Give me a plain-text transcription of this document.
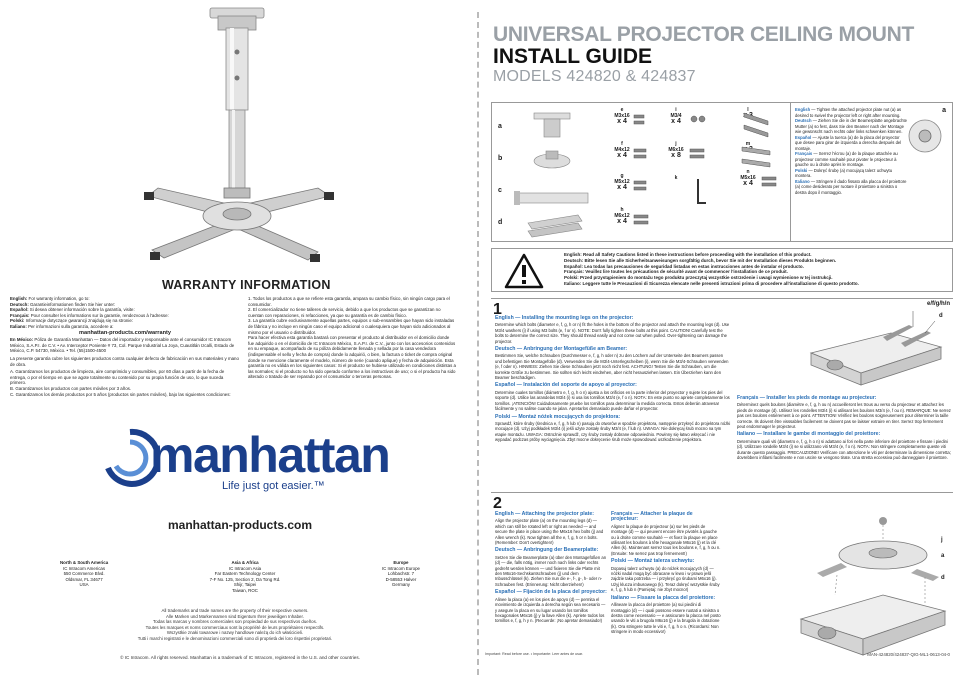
WARRANTY INFORMATION
English: For warranty information, go to:
Deutsch: Garantieinformationen finden Sie hier unter:
Español: Si desea obtener información sobre la garantía, visite:
Français: Pour consulter les informations sur la garantie, rendezvous à l'adresse:
Polski: Informacje dotyczące gwarancji znajdują się na stronie:
Italiano: Per informazioni sulla garanzia, accedere a:
manhattan-products.com/warranty
En México: Póliza de Garantía Manhattan — Datos del importador y responsable ante el consumidor IC Intracom México, S.A.P.I. de C.V. • Av. Interceptor Poniente # 73, Col. Parque Industrial La Joya, Cuautitlán Izcalli, Estado de México, C.P. 54730, México. • Tel. (55)1500-4500
La presente garantía cubre los siguientes productos contra cualquier defecto de fabricación en sus materiales y mano de obra.
A. Garantizamos los productos de limpieza, aire comprimido y consumibles, por 60 días a partir de la fecha de entrega, o por el tiempo en que se agote totalmente su contenido por su propia función de uso, lo que suceda primero.
B. Garantizamos los productos con partes móviles por 3 años.
C. Garantizamos los demás productos por 5 años (productos sin partes móviles), bajo las siguientes condiciones:
1. Todos los productos a que se refiere esta garantía, ampara su cambio físico, sin ningún cargo para el consumidor.
2. El comercializador no tiene talleres de servicio, debido a que los productos que se garantizan no cuentan con reparaciones, ni refacciones, ya que su garantía es de cambio físico.
3. La garantía cubre exclusivamente aquellas partes, equipos o sub-ensambles que hayan sido instaladas de fábrica y no incluye en ningún caso el equipo adicional o cualesquiera que hayan sido adicionados al mismo por el usuario o distribuidor.
Para hacer efectiva esta garantía bastará con presentar el producto al distribuidor en el domicilio donde fue adquirido o en el domicilio de IC Intracom México, S.A.P.I. de C.V., junto con los accesorios contenidos en su empaque, acompañado de su póliza debidamente llenada y sellada por la casa vendedora (indispensable el sello y fecha de compra) donde lo adquirió, o bien, la factura o ticket de compra original donde se mencione claramente el modelo, número de serie (cuando aplique) y fecha de adquisición. Esta garantía no es válida en los siguientes casos: Si el producto se hubiese utilizado en condiciones distintas a las normales; si el producto no ha sido operado conforme a los instructivos de uso; o si el producto ha sido alterado o tratado de ser reparado por el consumidor o terceras personas.
manhattan
Life just got easier.™
manhattan-products.com
North & South America
IC Intracom Americas
550 Commerce Blvd.
Oldsmar, FL 34677
USA
Asia & Africa
IC Intracom Asia
Far Eastern Technology Center
7-F No. 125, Section 2, Da Tong Rd.
Shijr, Taipei
Taiwan, ROC
Europe
IC Intracom Europe
Lohbachstr. 7
D-58553 Halver
Germany
All trademarks and trade names are the property of their respective owners.
Alle Marken und Markennamen sind Eigentum Ihrer jeweiligen Inhaber.
Todas las marcas y nombres comerciales son propiedad de sus respectivos dueños.
Toutes les marques et noms commerciaux sont la propriété de leurs propriétaires respectifs.
Wszystkie znaki towarowe i nazwy handlowe należą do ich właścicieli.
Tutti i marchi registrati e le denominazioni commerciali sono di proprietà dei loro rispettivi proprietari.
© IC Intracom. All rights reserved. Manhattan is a trademark of IC Intracom, registered in the U.S. and other countries.
UNIVERSAL PROJECTOR CEILING MOUNT
INSTALL GUIDE
MODELS 424820 & 424837
a
b
c
d
e
M3x16
x 4
f
M4x12
x 4
g
M5x12
x 4
h
M6x12
x 4
i
M3/4
x 4
j
M6x16
x 8
k
l
m
n
M5x16
x 4
English — Tighten the attached projector plate nut (a) as desired to swivel the projector left or right after mounting.
Deutsch — Ziehen Sie die in der Beamerplatte angebrachte Mutter (a) so fest, dass Sie den Beamer nach der Montage wie gewünscht nach rechts oder links schwenken können.
Español — Ajuste la tuerca (a) de la placa del proyector que desee para girar de izquierda a derecha después del montaje.
Français — Serrez l'écrou (a) de la plaque attachée au projecteur comme souhaité pour pivoter le projecteur à gauche ou à droite après le montage.
Polski — Dokręć śrubę (a) mocującą talerz uchwytu montera.
Italiano — Stringere il dado fissato alla placca del proiettore (a) come desiderato per ruotare il proiettore a sinistra o destra dopo il montaggio.
a
English: Read all Safety Cautions listed in these instructions before proceeding with the installation of this product.
Deutsch: Bitte lesen Sie alle Sicherheitsanweisungen sorgfältig durch, bevor Sie mit der Installation dieses Produkts beginnen.
Español: Lea todas las precauciones de seguridad listadas en estas instrucciones antes de instalar el producto.
Français: Veuillez lire toutes les précautions de sécurité avant de commencer l'installation de ce produit.
Polski: Przed przystąpieniem do montażu tego produktu przeczytaj wszystkie ostrzeżenie i uwagi wymienione w tej instrukcji.
Italiano: Leggere tutte le Precauzioni di Sicurezza elencate nelle presenti istruzioni prima di procedere all'installazione di questo prodotto.
1
English — Installing the mounting legs on the projector:
Determine which bolts (diameter e, f, g, h or n) fit the holes in the bottom of the projector and attach the mounting legs (d). Use M3/4 washers (i) if using M3 bolts (e, f or n). NOTE: Don't fully tighten these bolts at this point. CAUTION! Carefully test the bolts to determine the correct size. They should thread easily and not come out when pulled. Over-tightening can damage the projector.
Deutsch — Anbringung der Montagefüße am Beamer:
Bestimmen Sie, welche Schrauben (Durchmesser e, f, g, h oder n) zu den Löchern auf der Unterseite des Beamers passen und befestigen Sie Montagefüße (d). Verwenden Sie die M3/4-Unterlegscheiben (i), wenn Sie die M3/4-Schrauben verwenden (e, f oder n). HINWEIS: Ziehen Sie diese Schrauben jetzt noch nicht fest. ACHTUNG! Testen Sie die Schrauben, um die korrekte Größe zu bestimmen. Sie sollten sich leicht eindrehen, aber nicht herausziehen lassen. Ein Überziehen kann den Beamer beschädigen.
Español — Instalación del soporte de apoyo al proyector:
Determine cuales tornillos (diámetro e, f, g, h o n) ajusta a los orificios en la parte inferior del proyector y sujete los pies del soporte (d). Utilice las arandelas M3/4 (i) si usa los tornillos M3/4 (e, f o n). NOTA: En este punto no apriete completamente los tornillos. ¡ATENCIÓN! Cuidadosamente pruebe los tornillos para determinar la medida correcta. Estos deberán atravesar fácilmente y no salirse cuando se jalan. Apretarlos demasiado puede dañar el proyector.
Polski — Montaż nóżek mocujących do projektora:
Sprawdź, które śruby (średnica e, f, g, h lub n) pasują do otworów w spodzie projektora, następnie przykręć do projektora nóżki mocujące (d). Użyj podkładek M3/4 (i) jeśli użyte zostały śruby M3/4 (e, f lub n). UWAGA: Nie dokręcaj śrub mocno na tym etapie montażu. UWAGA: Ostrożnie sprawdź, czy śruby zostały dobrane odpowiednio. Powinny się łatwo wkręcać i nie wypadać podczas próby wyciągnięcia. Zbyt mocne dokręcenie śrub może spowodować uszkodzenie projektora.
Français — Installer les pieds de montage au projecteur:
Déterminez quels boulons (diamètre e, f, g, h ou n) accueilleront les trous au verso du projecteur et attachez les pieds de montage (d). Utilisez les rondelles M3/4 (i) si utilisant les boulons M3/4 (e, f ou n). REMARQUE: Ne serrez pas ces boulons entièrement à ce point. ATTENTION! Vérifiez les boulons soigneusement pour déterminer la taille correcte. Ils doivent être visssables facilement ne doivent pas se laisser extraire en tirer. Serrez trop fermement peut endommager le projecteur.
Italiano — Installare le gambe di montaggio del proiettore:
Determinare quali viti (diametro e, f, g, h o n) si adattano ai fori nella parte inferiore del proiettore e fissare i piedini (d). Utilizzare rondelle M3/4 (i) se si utilizzano viti M3/4 (e, f o n). NOTA: Non stringere completamente queste viti durante questo passaggio. PRECAUZIONE! Verificare con attenzione le viti per determinare la dimensione corretta; dovrebbero infilarsi facilmente e non uscire se vengono tirate. Una stretta eccessiva può danneggiare il proiettore.
e/f/g/h/n
d
2
English — Attaching the projector plate:
Align the projector plate (a) on the mounting legs (d) — which can still be rotated left or right as needed — and secure the plate in place using the M6x16 hex bolts (j) and Allen wrench (k). Now tighten all the e, f, g, h or n bolts. (Remember: Don't overtighten!)
Deutsch — Anbringung der Beamerplatte:
Setzen Sie die Beamerplatte (a) über den Montagefüßen an (d) — die, falls nötig, immer noch nach links oder rechts gedreht werden können — und fixieren Sie die Platte mit den M6x16-Sechskantschrauben (j) und dem Inbusschlüssel (k). Ziehen Sie nun die e-, f-, g-, h- oder n-Schrauben fest. (Erinnerung: Nicht überziehen!)
Español — Fijación de la placa del proyector:
Alinee la placa (a) en los pies de apoyo (d) — permita el movimiento de izquierda a derecha según sea necesario — y asegure la placa en su lugar usando los tornillos hexagonales M6x16 (j) y la llave Allen (k). Apriete todos los tornillos e, f, g, h y n. (Recuerde: ¡No apretar demasiado!)
Français — Attacher la plaque de projecteur:
Alignez la plaque de projecteur (a) sur les pieds de montage (d) — qui peuvent encore être pivotés à gauche ou à droite comme souhaité — et fixez la plaque en place utilisant les boulons à tête hexagonale M6x16 (j) et la clé Allen (k). Maintenant serrez tous les boulons e, f, g, h ou n. (Ensuite: Ne serrez pas trop fermement!)
Polski — Montaż talerza uchwytu:
Dopasuj talerz uchwytu (a) do nóżek mocujących (d) — nóżki nadal mogą być obracane w lewo i w prawo jeśli zajdzie taka potrzeba — i przykręć go śrubami M6x16 (j). Użyj klucza imbusowego (k). Teraz dokręć wszystkie śruby e, f, g, h lub n (Pamiętaj: nie zbyt mocno!)
Italiano — Fissare la placca del proiettore:
Allineare la placca del proiettore (a) sui piedini di montaggio (d) — i quali possono essere ruotati a sinistra o destra come necessario — e assicurare la placca nel posto usando le viti a brugola M6x16 (j) e la brugola in dotazione (k). Ora stringere tutte le viti e, f, g, h o n. (Ricordarsi: Non stringere in modo eccessivo!)
j
a
d
Important: Read before use. • Importante: Leer antes de usar.	MAN-424820/424837-QIG-ML1-0613-04-0
